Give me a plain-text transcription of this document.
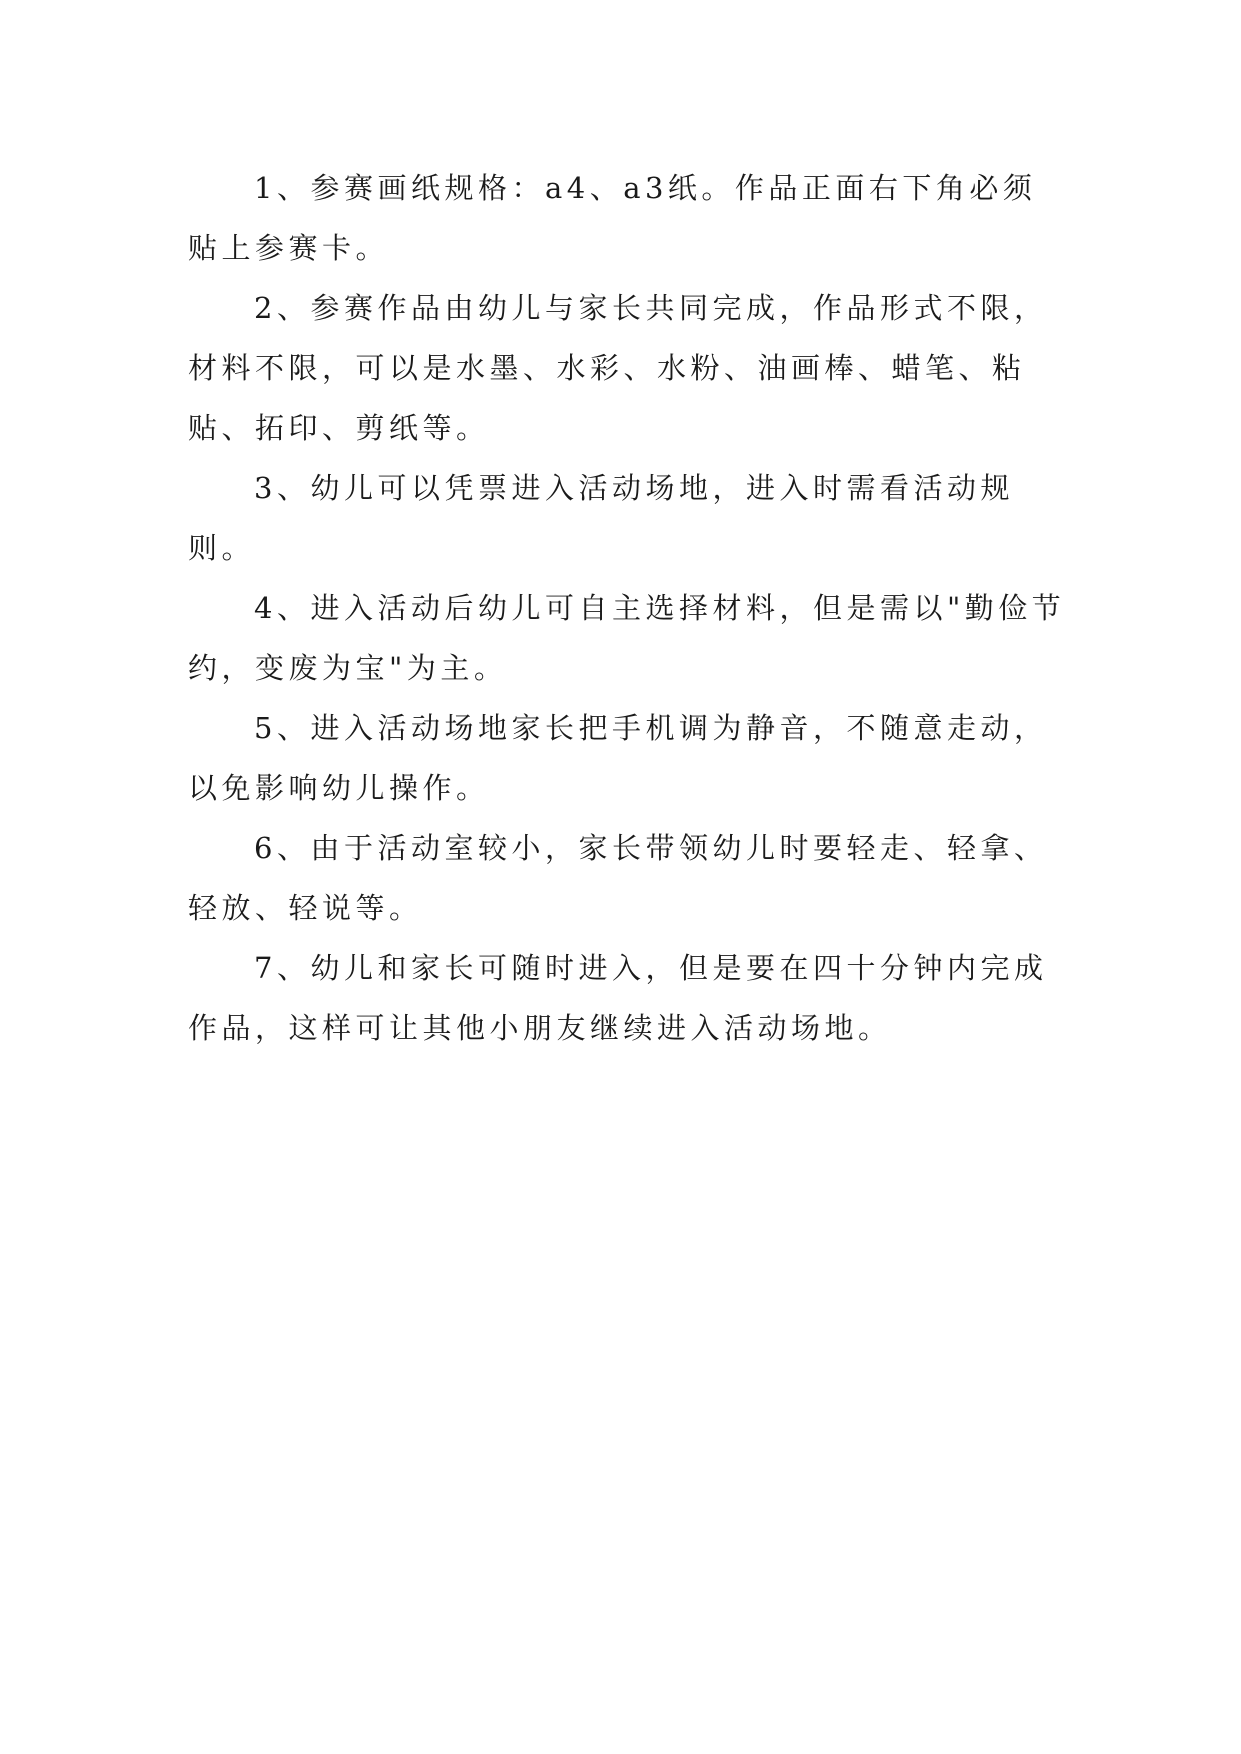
1、参赛画纸规格：a4、a3纸。作品正面右下角必须贴上参赛卡。

2、参赛作品由幼儿与家长共同完成，作品形式不限，材料不限，可以是水墨、水彩、水粉、油画棒、蜡笔、粘贴、拓印、剪纸等。

3、幼儿可以凭票进入活动场地，进入时需看活动规则。

4、进入活动后幼儿可自主选择材料，但是需以"勤俭节约，变废为宝"为主。

5、进入活动场地家长把手机调为静音，不随意走动，以免影响幼儿操作。

6、由于活动室较小，家长带领幼儿时要轻走、轻拿、轻放、轻说等。

7、幼儿和家长可随时进入，但是要在四十分钟内完成作品，这样可让其他小朋友继续进入活动场地。
